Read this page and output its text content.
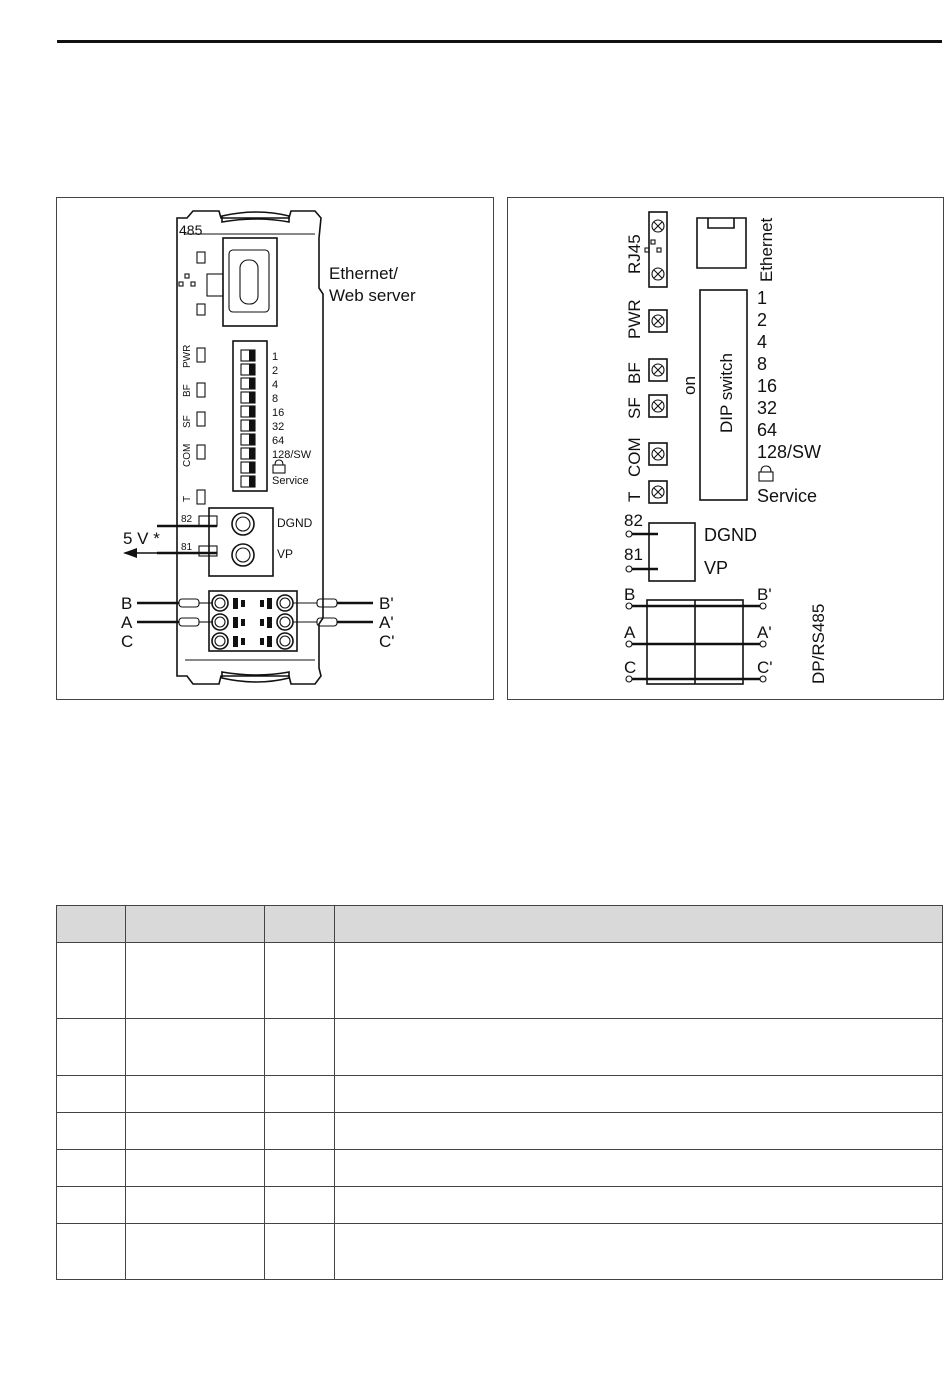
485
Ethernet/
Web server
PWR
BF
SF
COM
T
1
2
4
8
16
32
64
128/SW
Service
82
81
DGND
VP
5 V *
B
A
C
B'
A'
C'
RJ45	Ethernet
PWR
BF
SF
COM
T
on DIP switch
1
2
4
8
16
32
64
128/SW
Service
82
81
DGND
VP
B
A
C
B'
A'
C' DP/RS485
